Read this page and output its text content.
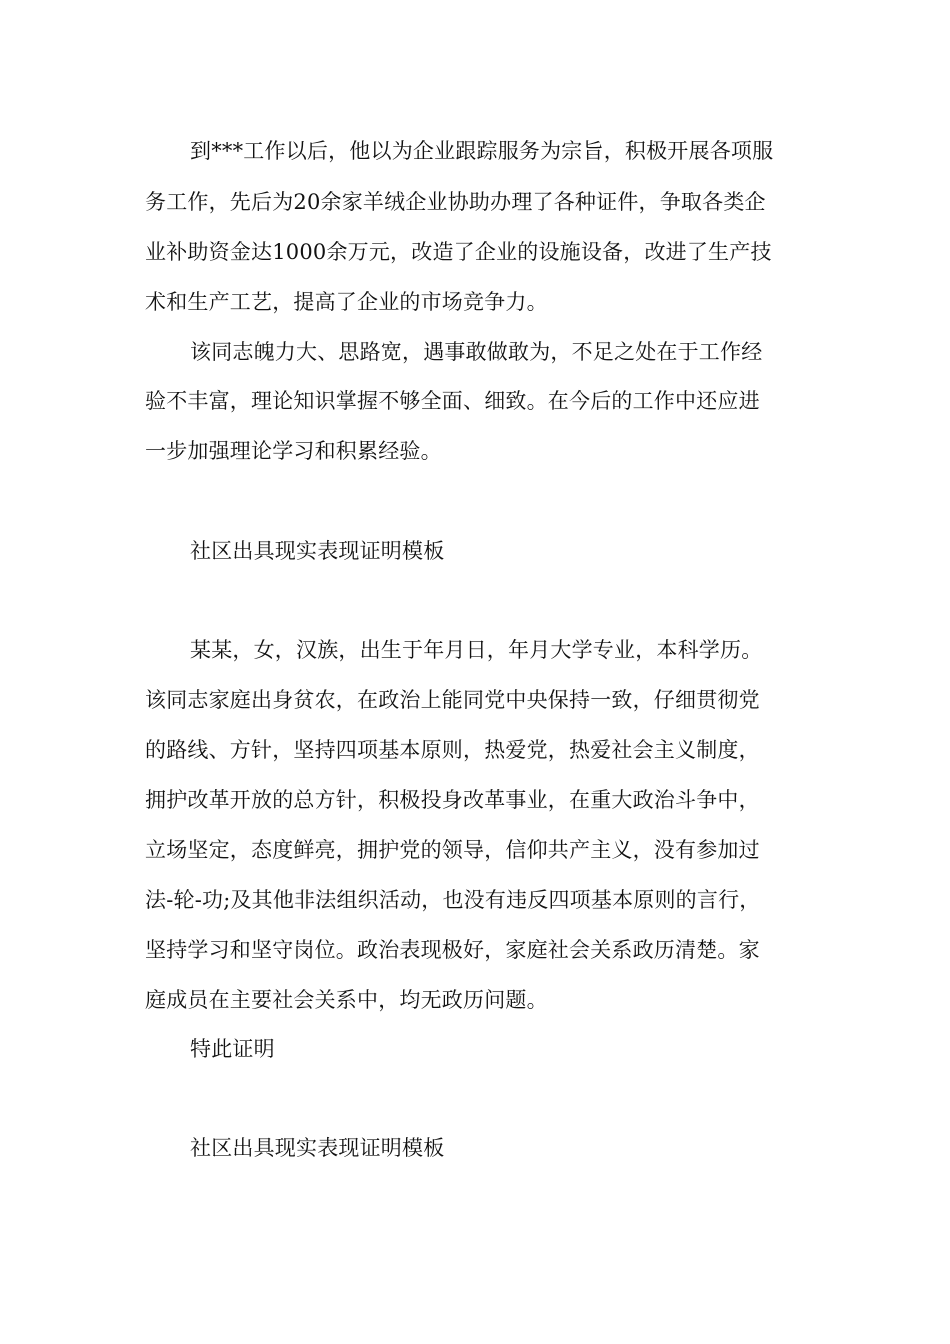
到***工作以后，他以为企业跟踪服务为宗旨，积极开展各项服
务工作，先后为20余家羊绒企业协助办理了各种证件，争取各类企
业补助资金达1000余万元，改造了企业的设施设备，改进了生产技
术和生产工艺，提高了企业的市场竞争力。
该同志魄力大、思路宽，遇事敢做敢为，不足之处在于工作经
验不丰富，理论知识掌握不够全面、细致。在今后的工作中还应进
一步加强理论学习和积累经验。
社区出具现实表现证明模板
某某，女，汉族，出生于年月日，年月大学专业，本科学历。
该同志家庭出身贫农，在政治上能同党中央保持一致，仔细贯彻党
的路线、方针，坚持四项基本原则，热爱党，热爱社会主义制度，
拥护改革开放的总方针，积极投身改革事业，在重大政治斗争中，
立场坚定，态度鲜亮，拥护党的领导，信仰共产主义，没有参加过
法-轮-功;及其他非法组织活动，也没有违反四项基本原则的言行，
坚持学习和坚守岗位。政治表现极好，家庭社会关系政历清楚。家
庭成员在主要社会关系中，均无政历问题。
特此证明
社区出具现实表现证明模板
